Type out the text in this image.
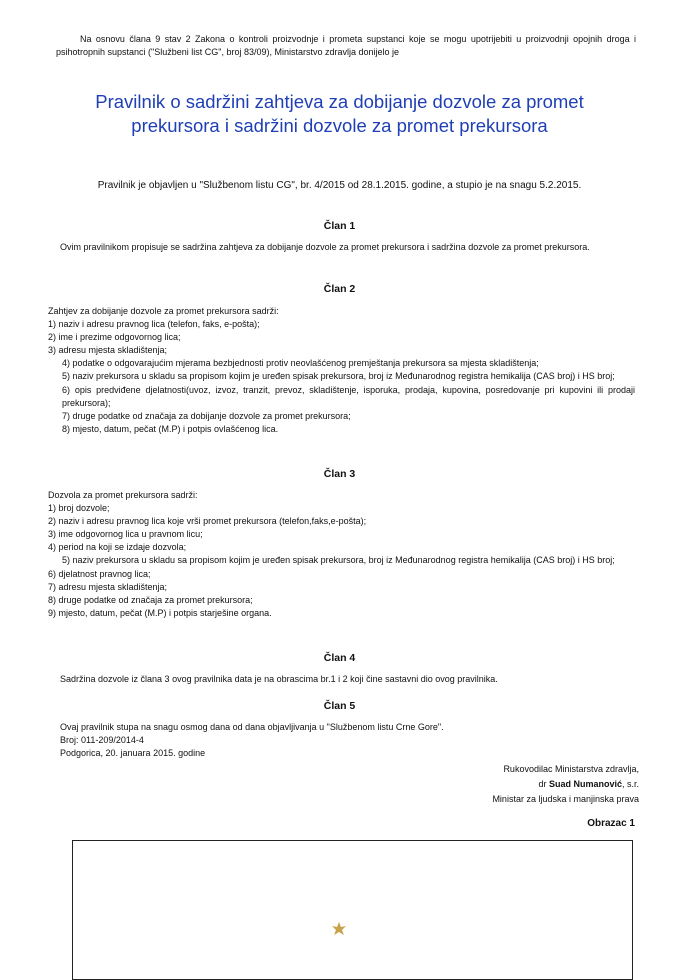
Na osnovu člana 9 stav 2 Zakona o kontroli proizvodnje i prometa supstanci koje se mogu upotrijebiti u proizvodnji opojnih droga i psihotropnih supstanci ("Službeni list CG", broj 83/09), Ministarstvo zdravlja donijelo je
Pravilnik o sadržini zahtjeva za dobijanje dozvole za promet
prekursora i sadržini dozvole za promet prekursora
Pravilnik je objavljen u "Službenom listu CG", br. 4/2015 od 28.1.2015. godine, a stupio je na snagu 5.2.2015.
Član 1
Ovim pravilnikom propisuje se sadržina zahtjeva za dobijanje dozvole za promet prekursora i sadržina dozvole za promet prekursora.
Član 2
Zahtjev za dobijanje dozvole za promet prekursora sadrži:
1) naziv i adresu pravnog lica (telefon, faks, e-pošta);
2) ime i prezime odgovornog lica;
3) adresu mjesta skladištenja;
4) podatke o odgovarajućim mjerama bezbjednosti protiv neovlašćenog premještanja prekursora sa mjesta skladištenja;
5) naziv prekursora u skladu sa propisom kojim je uređen spisak prekursora, broj iz Međunarodnog registra hemikalija (CAS broj) i HS broj;
6) opis predviđene djelatnosti(uvoz, izvoz, tranzit, prevoz, skladištenje, isporuka, prodaja, kupovina, posredovanje pri kupovini ili prodaji prekursora);
7) druge podatke od značaja za dobijanje dozvole za promet prekursora;
8) mjesto, datum, pečat (M.P) i potpis ovlašćenog lica.
Član 3
Dozvola za promet prekursora sadrži:
1) broj dozvole;
2) naziv i adresu pravnog lica koje vrši promet prekursora (telefon,faks,e-pošta);
3) ime odgovornog lica u pravnom licu;
4) period na koji se izdaje dozvola;
5) naziv prekursora u skladu sa propisom kojim je uređen spisak prekursora, broj iz Međunarodnog registra hemikalija (CAS broj) i HS broj;
6) djelatnost pravnog lica;
7) adresu mjesta skladištenja;
8) druge podatke od značaja za promet prekursora;
9) mjesto, datum, pečat (M.P) i potpis starješine organa.
Član 4
Sadržina dozvole iz člana 3 ovog pravilnika data je na obrascima br.1 i 2 koji čine sastavni dio ovog pravilnika.
Član 5

Ovaj pravilnik stupa na snagu osmog dana od dana objavljivanja u "Službenom listu Crne Gore".

Broj: 011-209/2014-4

Podgorica, 20. januara 2015. godine

Rukovodilac Ministarstva zdravlja,
dr Suad Numanović, s.r.
Ministar za ljudska i manjinska prava
Obrazac 1
